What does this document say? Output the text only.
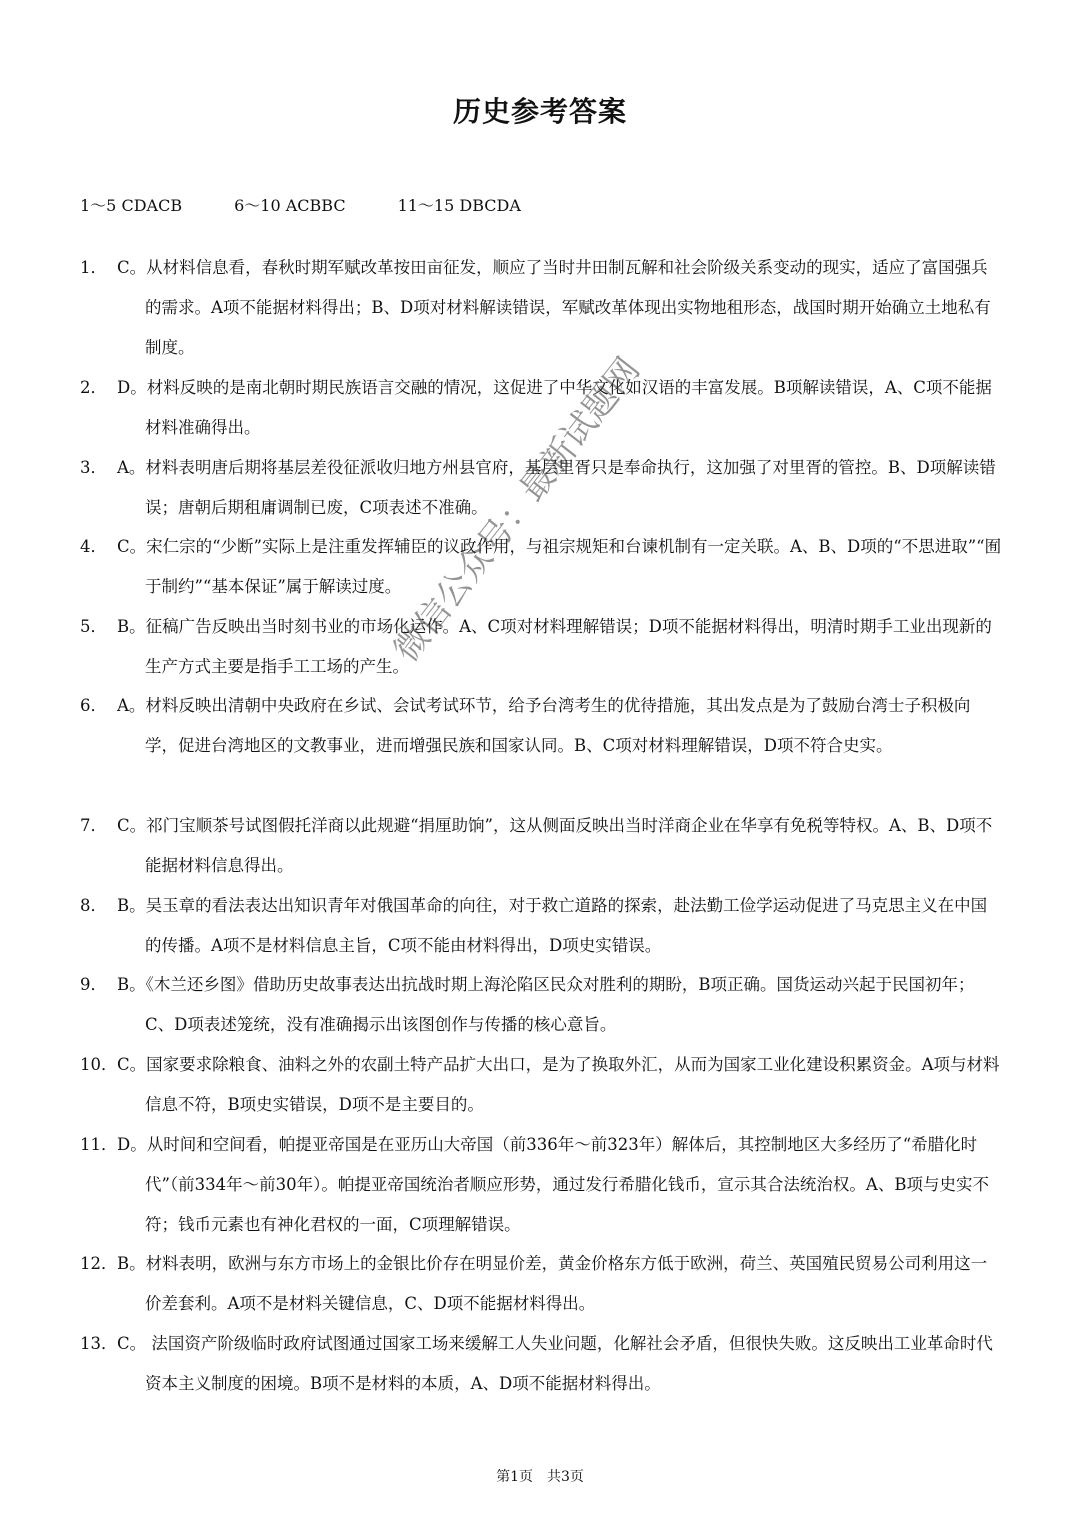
历史参考答案
1～5 CDACB	6～10 ACBBC	11～15 DBCDA
1． C。从材料信息看，春秋时期军赋改革按田亩征发，顺应了当时井田制瓦解和社会阶级关系变动的现实，适应了富国强兵的需求。A项不能据材料得出；B、D项对材料解读错误，军赋改革体现出实物地租形态，战国时期开始确立土地私有制度。

2． D。材料反映的是南北朝时期民族语言交融的情况，这促进了中华文化如汉语的丰富发展。B项解读错误，A、C项不能据材料准确得出。

3． A。材料表明唐后期将基层差役征派收归地方州县官府，基层里胥只是奉命执行，这加强了对里胥的管控。B、D项解读错误；唐朝后期租庸调制已废，C项表述不准确。

4． C。宋仁宗的“少断”实际上是注重发挥辅臣的议政作用，与祖宗规矩和台谏机制有一定关联。A、B、D项的“不思进取”“囿于制约”“基本保证”属于解读过度。

5． B。征稿广告反映出当时刻书业的市场化运作。A、C项对材料理解错误；D项不能据材料得出，明清时期手工业出现新的生产方式主要是指手工工场的产生。

6． A。材料反映出清朝中央政府在乡试、会试考试环节，给予台湾考生的优待措施，其出发点是为了鼓励台湾士子积极向学，促进台湾地区的文教事业，进而增强民族和国家认同。B、C项对材料理解错误，D项不符合史实。

7． C。祁门宝顺茶号试图假托洋商以此规避“捐厘助饷”，这从侧面反映出当时洋商企业在华享有免税等特权。A、B、D项不能据材料信息得出。

8． B。吴玉章的看法表达出知识青年对俄国革命的向往，对于救亡道路的探索，赴法勤工俭学运动促进了马克思主义在中国的传播。A项不是材料信息主旨，C项不能由材料得出，D项史实错误。

9． B。《木兰还乡图》借助历史故事表达出抗战时期上海沦陷区民众对胜利的期盼，B项正确。国货运动兴起于民国初年；C、D项表述笼统，没有准确揭示出该图创作与传播的核心意旨。

10． C。国家要求除粮食、油料之外的农副土特产品扩大出口，是为了换取外汇，从而为国家工业化建设积累资金。A项与材料信息不符，B项史实错误，D项不是主要目的。

11． D。从时间和空间看，帕提亚帝国是在亚历山大帝国（前336年～前323年）解体后，其控制地区大多经历了“希腊化时代”（前334年～前30年）。帕提亚帝国统治者顺应形势，通过发行希腊化钱币，宣示其合法统治权。A、B项与史实不符；钱币元素也有神化君权的一面，C项理解错误。

12． B。材料表明，欧洲与东方市场上的金银比价存在明显价差，黄金价格东方低于欧洲，荷兰、英国殖民贸易公司利用这一价差套利。A项不是材料关键信息，C、D项不能据材料得出。

13． C。 法国资产阶级临时政府试图通过国家工场来缓解工人失业问题，化解社会矛盾，但很快失败。这反映出工业革命时代资本主义制度的困境。B项不是材料的本质，A、D项不能据材料得出。

微信公众号：最新试题网
第1页　共3页
